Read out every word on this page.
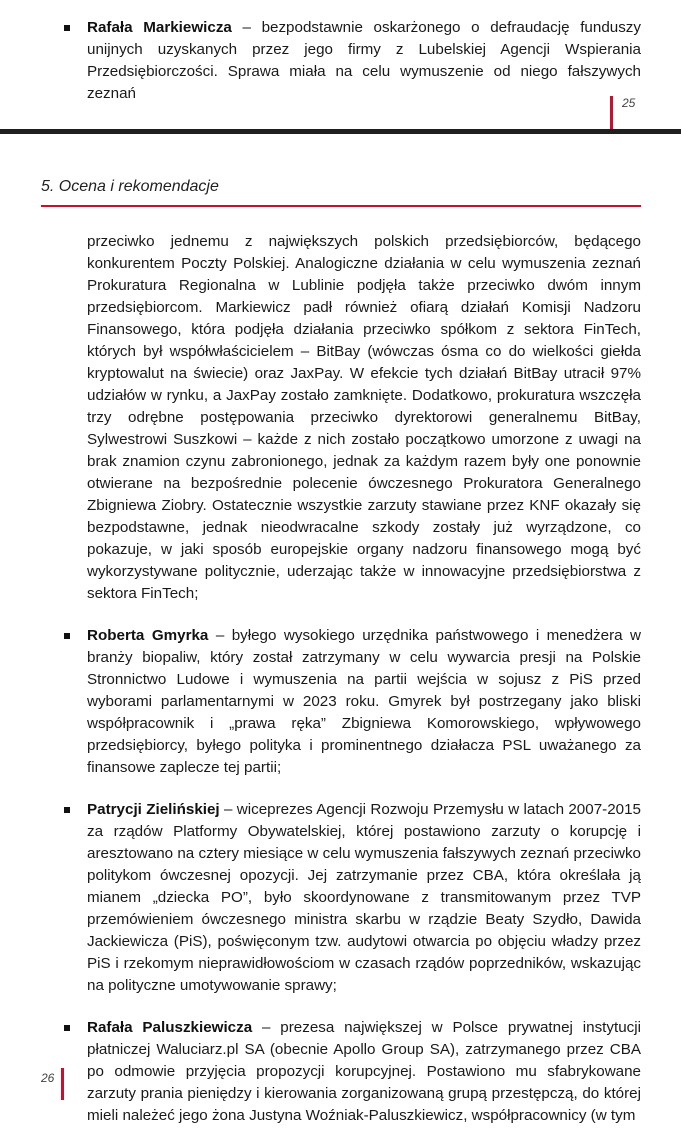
Rafała Markiewicza – bezpodstawnie oskarżonego o defraudację funduszy unijnych uzyskanych przez jego firmy z Lubelskiej Agencji Wspierania Przedsiębiorczości. Sprawa miała na celu wymuszenie od niego fałszywych zeznań

25
5. Ocena i rekomendacje

przeciwko jednemu z największych polskich przedsiębiorców, będącego konkurentem Poczty Polskiej. Analogiczne działania w celu wymuszenia zeznań Prokuratura Regionalna w Lublinie podjęła także przeciwko dwóm innym przedsiębiorcom. Markiewicz padł również ofiarą działań Komisji Nadzoru Finansowego, która podjęła działania przeciwko spółkom z sektora FinTech, których był współwłaścicielem – BitBay (wówczas ósma co do wielkości giełda kryptowalut na świecie) oraz JaxPay. W efekcie tych działań BitBay utracił 97% udziałów w rynku, a JaxPay zostało zamknięte. Dodatkowo, prokuratura wszczęła trzy odrębne postępowania przeciwko dyrektorowi generalnemu BitBay, Sylwestrowi Suszkowi – każde z nich zostało początkowo umorzone z uwagi na brak znamion czynu zabronionego, jednak za każdym razem były one ponownie otwierane na bezpośrednie polecenie ówczesnego Prokuratora Generalnego Zbigniewa Ziobry. Ostatecznie wszystkie zarzuty stawiane przez KNF okazały się bezpodstawne, jednak nieodwracalne szkody zostały już wyrządzone, co pokazuje, w jaki sposób europejskie organy nadzoru finansowego mogą być wykorzystywane politycznie, uderzając także w innowacyjne przedsiębiorstwa z sektora FinTech;

Roberta Gmyrka – byłego wysokiego urzędnika państwowego i menedżera w branży biopaliw, który został zatrzymany w celu wywarcia presji na Polskie Stronnictwo Ludowe i wymuszenia na partii wejścia w sojusz z PiS przed wyborami parlamentarnymi w 2023 roku. Gmyrek był postrzegany jako bliski współpracownik i „prawa ręka” Zbigniewa Komorowskiego, wpływowego przedsiębiorcy, byłego polityka i prominentnego działacza PSL uważanego za finansowe zaplecze tej partii;

Patrycji Zielińskiej – wiceprezes Agencji Rozwoju Przemysłu w latach 2007-2015 za rządów Platformy Obywatelskiej, której postawiono zarzuty o korupcję i aresztowano na cztery miesiące w celu wymuszenia fałszywych zeznań przeciwko politykom ówczesnej opozycji. Jej zatrzymanie przez CBA, która określała ją mianem „dziecka PO”, było skoordynowane z transmitowanym przez TVP przemówieniem ówczesnego ministra skarbu w rządzie Beaty Szydło, Dawida Jackiewicza (PiS), poświęconym tzw. audytowi otwarcia po objęciu władzy przez PiS i rzekomym nieprawidłowościom w czasach rządów poprzedników, wskazując na polityczne umotywowanie sprawy;

Rafała Paluszkiewicza – prezesa największej w Polsce prywatnej instytucji płatniczej Waluciarz.pl SA (obecnie Apollo Group SA), zatrzymanego przez CBA po odmowie przyjęcia propozycji korupcyjnej. Postawiono mu sfabrykowane zarzuty prania pieniędzy i kierowania zorganizowaną grupą przestępczą, do której mieli należeć jego żona Justyna Woźniak-Paluszkiewicz, współpracownicy (w tym

26
